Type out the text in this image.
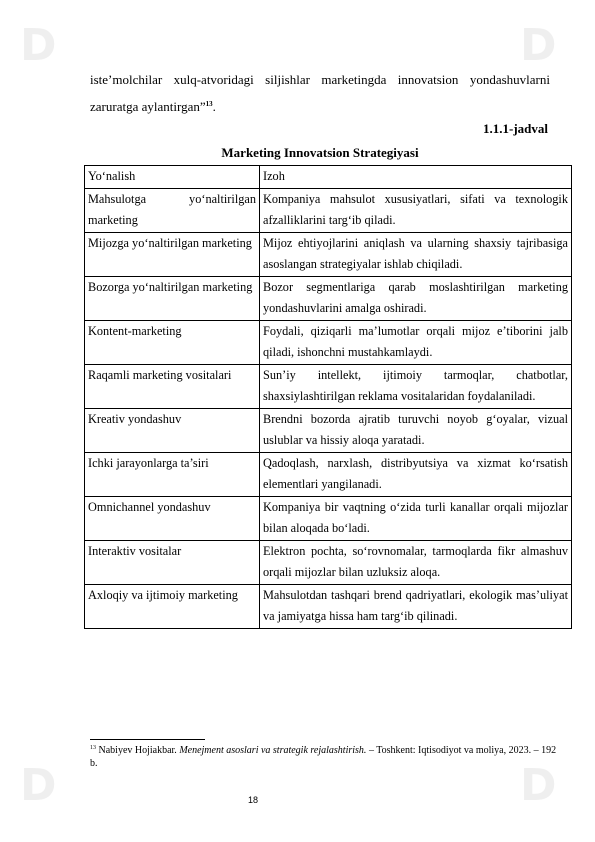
D	D
D	D
iste’molchilar xulq-atvoridagi siljishlar marketingda innovatsion yondashuvlarni zaruratga aylantirgan”$^{13}$.
1.1.1-jadval
Marketing Innovatsion Strategiyasi
Yo‘nalish	Izoh
Mahsulotga yo‘naltirilgan marketing	Kompaniya mahsulot xususiyatlari, sifati va texnologik afzalliklarini targ‘ib qiladi.
Mijozga yo‘naltirilgan marketing	Mijoz ehtiyojlarini aniqlash va ularning shaxsiy tajribasiga asoslangan strategiyalar ishlab chiqiladi.
Bozorga yo‘naltirilgan marketing	Bozor segmentlariga qarab moslashtirilgan marketing yondashuvlarini amalga oshiradi.
Kontent-marketing	Foydali, qiziqarli ma’lumotlar orqali mijoz e’tiborini jalb qiladi, ishonchni mustahkamlaydi.
Raqamli marketing vositalari	Sun’iy intellekt, ijtimoiy tarmoqlar, chatbotlar, shaxsiylashtirilgan reklama vositalaridan foydalaniladi.
Kreativ yondashuv	Brendni bozorda ajratib turuvchi noyob g‘oyalar, vizual uslublar va hissiy aloqa yaratadi.
Ichki jarayonlarga ta’siri	Qadoqlash, narxlash, distribyutsiya va xizmat ko‘rsatish elementlari yangilanadi.
Omnichannel yondashuv	Kompaniya bir vaqtning o‘zida turli kanallar orqali mijozlar bilan aloqada bo‘ladi.
Interaktiv vositalar	Elektron pochta, so‘rovnomalar, tarmoqlarda fikr almashuv orqali mijozlar bilan uzluksiz aloqa.
Axloqiy va ijtimoiy marketing	Mahsulotdan tashqari brend qadriyatlari, ekologik mas’uliyat va jamiyatga hissa ham targ‘ib qilinadi.
$^{13}$ Nabiyev Hojiakbar. Menejment asoslari va strategik rejalashtirish. – Toshkent: Iqtisodiyot va moliya, 2023. – 192 b.
18
